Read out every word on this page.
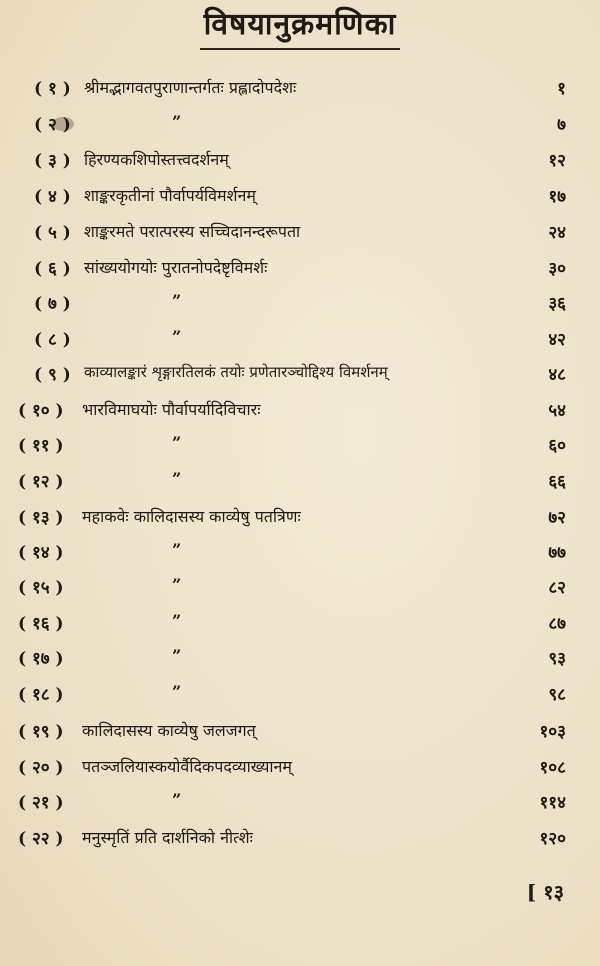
विषयानुक्रमणिका
( १ ) श्रीमद्भागवतपुराणान्तर्गतः प्रह्लादोपदेशः	१
( २ )	”	७
( ३ ) हिरण्यकशिपोस्तत्त्वदर्शनम्	१२
( ४ ) शाङ्करकृतीनां पौर्वापर्यविमर्शनम्	१७
( ५ ) शाङ्करमते परात्परस्य सच्चिदानन्दरूपता	२४
( ६ ) सांख्ययोगयोः पुरातनोपदेष्टृविमर्शः	३०
( ७ )	”	३६
( ८ )	”	४२
( ९ ) काव्यालङ्कारं शृङ्गारतिलकं तयोः प्रणेतारञ्चोद्दिश्य विमर्शनम्	४८
( १० ) भारविमाघयोः पौर्वापर्यादिविचारः	५४
( ११ )	”	६०
( १२ )	”	६६
( १३ ) महाकवेः कालिदासस्य काव्येषु पतत्रिणः	७२
( १४ )	”	७७
( १५ )	”	८२
( १६ )	”	८७
( १७ )	”	९३
( १८ )	”	९८
( १९ ) कालिदासस्य काव्येषु जलजगत्	१०३
( २० ) पतञ्जलियास्कयोर्वैदिकपदव्याख्यानम्	१०८
( २१ )	”	११४
( २२ ) मनुस्मृतिं प्रति दार्शनिको नीत्शेः	१२०
[ १३
